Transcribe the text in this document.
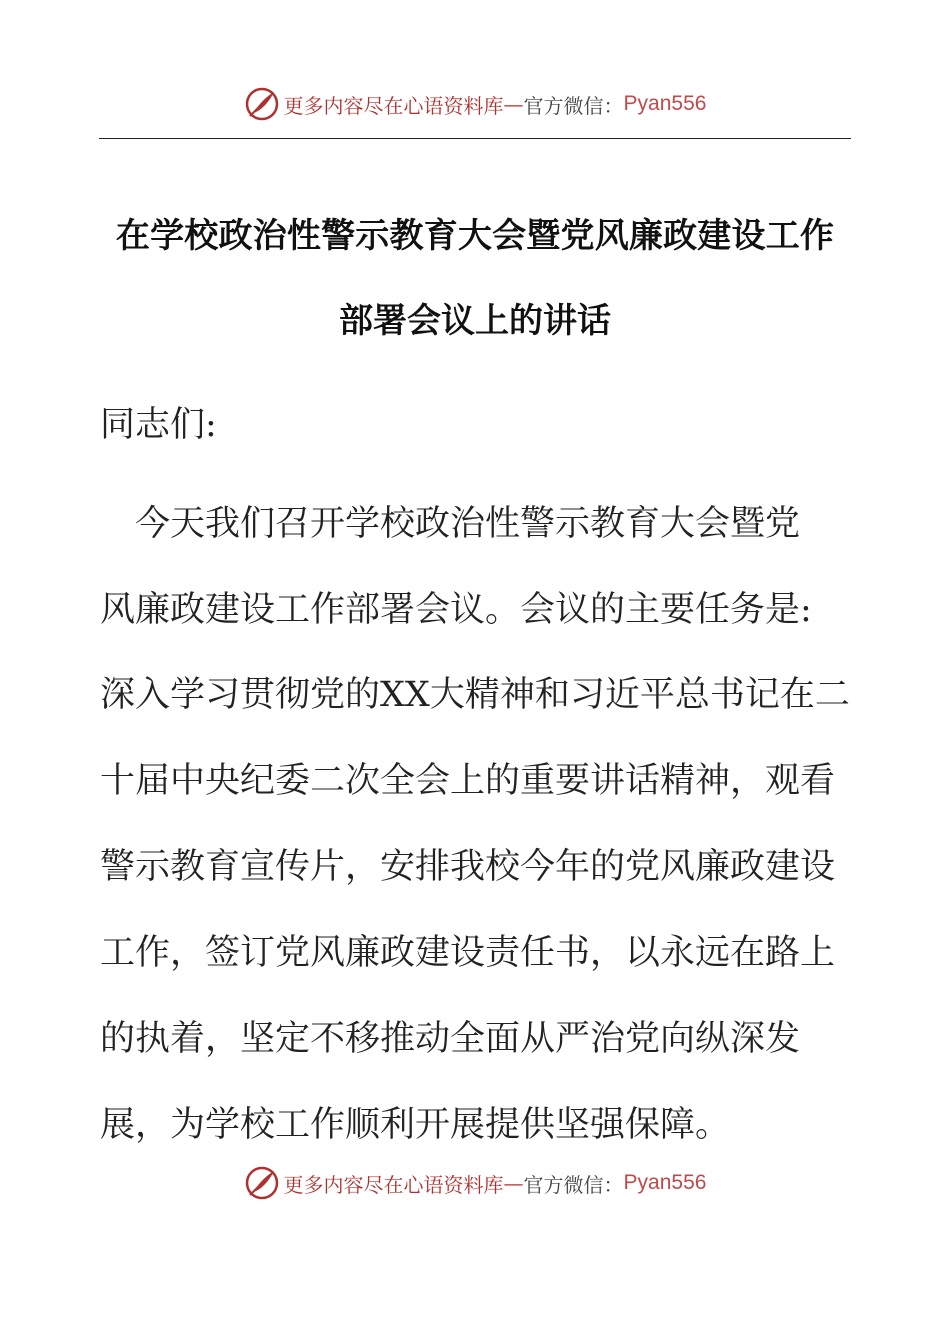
更多内容尽在心语资料库 — 官方微信： Pyan556
在学校政治性警示教育大会暨党风廉政建设工作
部署会议上的讲话
同志们:
　今天我们召开学校政治性警示教育大会暨党
风廉政建设工作部署会议。会议的主要任务是:
深入学习贯彻党的XX大精神和习近平总书记在二
十届中央纪委二次全会上的重要讲话精神，观看
警示教育宣传片，安排我校今年的党风廉政建设
工作，签订党风廉政建设责任书，以永远在路上
的执着，坚定不移推动全面从严治党向纵深发
展，为学校工作顺利开展提供坚强保障。
更多内容尽在心语资料库 — 官方微信： Pyan556
